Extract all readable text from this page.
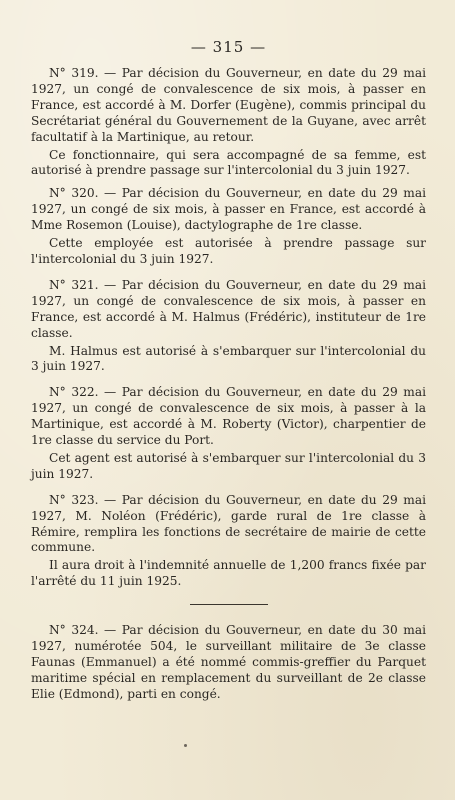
— 315 —

N° 319. — Par décision du Gouverneur, en date du 29 mai 1927, un congé de convalescence de six mois, à passer en France, est accordé à M. Dorfer (Eugène), commis principal du Secrétariat général du Gouvernement de la Guyane, avec arrêt facultatif à la Martinique, au retour.

Ce fonctionnaire, qui sera accompagné de sa femme, est autorisé à prendre passage sur l'intercolonial du 3 juin 1927.

N° 320. — Par décision du Gouverneur, en date du 29 mai 1927, un congé de six mois, à passer en France, est accordé à Mme Rosemon (Louise), dactylographe de 1re classe.

Cette employée est autorisée à prendre passage sur l'intercolonial du 3 juin 1927.

N° 321. — Par décision du Gouverneur, en date du 29 mai 1927, un congé de convalescence de six mois, à passer en France, est accordé à M. Halmus (Frédéric), instituteur de 1re classe.

M. Halmus est autorisé à s'embarquer sur l'intercolonial du 3 juin 1927.

N° 322. — Par décision du Gouverneur, en date du 29 mai 1927, un congé de convalescence de six mois, à passer à la Martinique, est accordé à M. Roberty (Victor), charpentier de 1re classe du service du Port.

Cet agent est autorisé à s'embarquer sur l'intercolonial du 3 juin 1927.

N° 323. — Par décision du Gouverneur, en date du 29 mai 1927, M. Noléon (Frédéric), garde rural de 1re classe à Rémire, remplira les fonctions de secrétaire de mairie de cette commune.

Il aura droit à l'indemnité annuelle de 1,200 francs fixée par l'arrêté du 11 juin 1925.

N° 324. — Par décision du Gouverneur, en date du 30 mai 1927, numérotée 504, le surveillant militaire de 3e classe Faunas (Emmanuel) a été nommé commis-greffier du Parquet maritime spécial en remplacement du surveillant de 2e classe Elie (Edmond), parti en congé.
